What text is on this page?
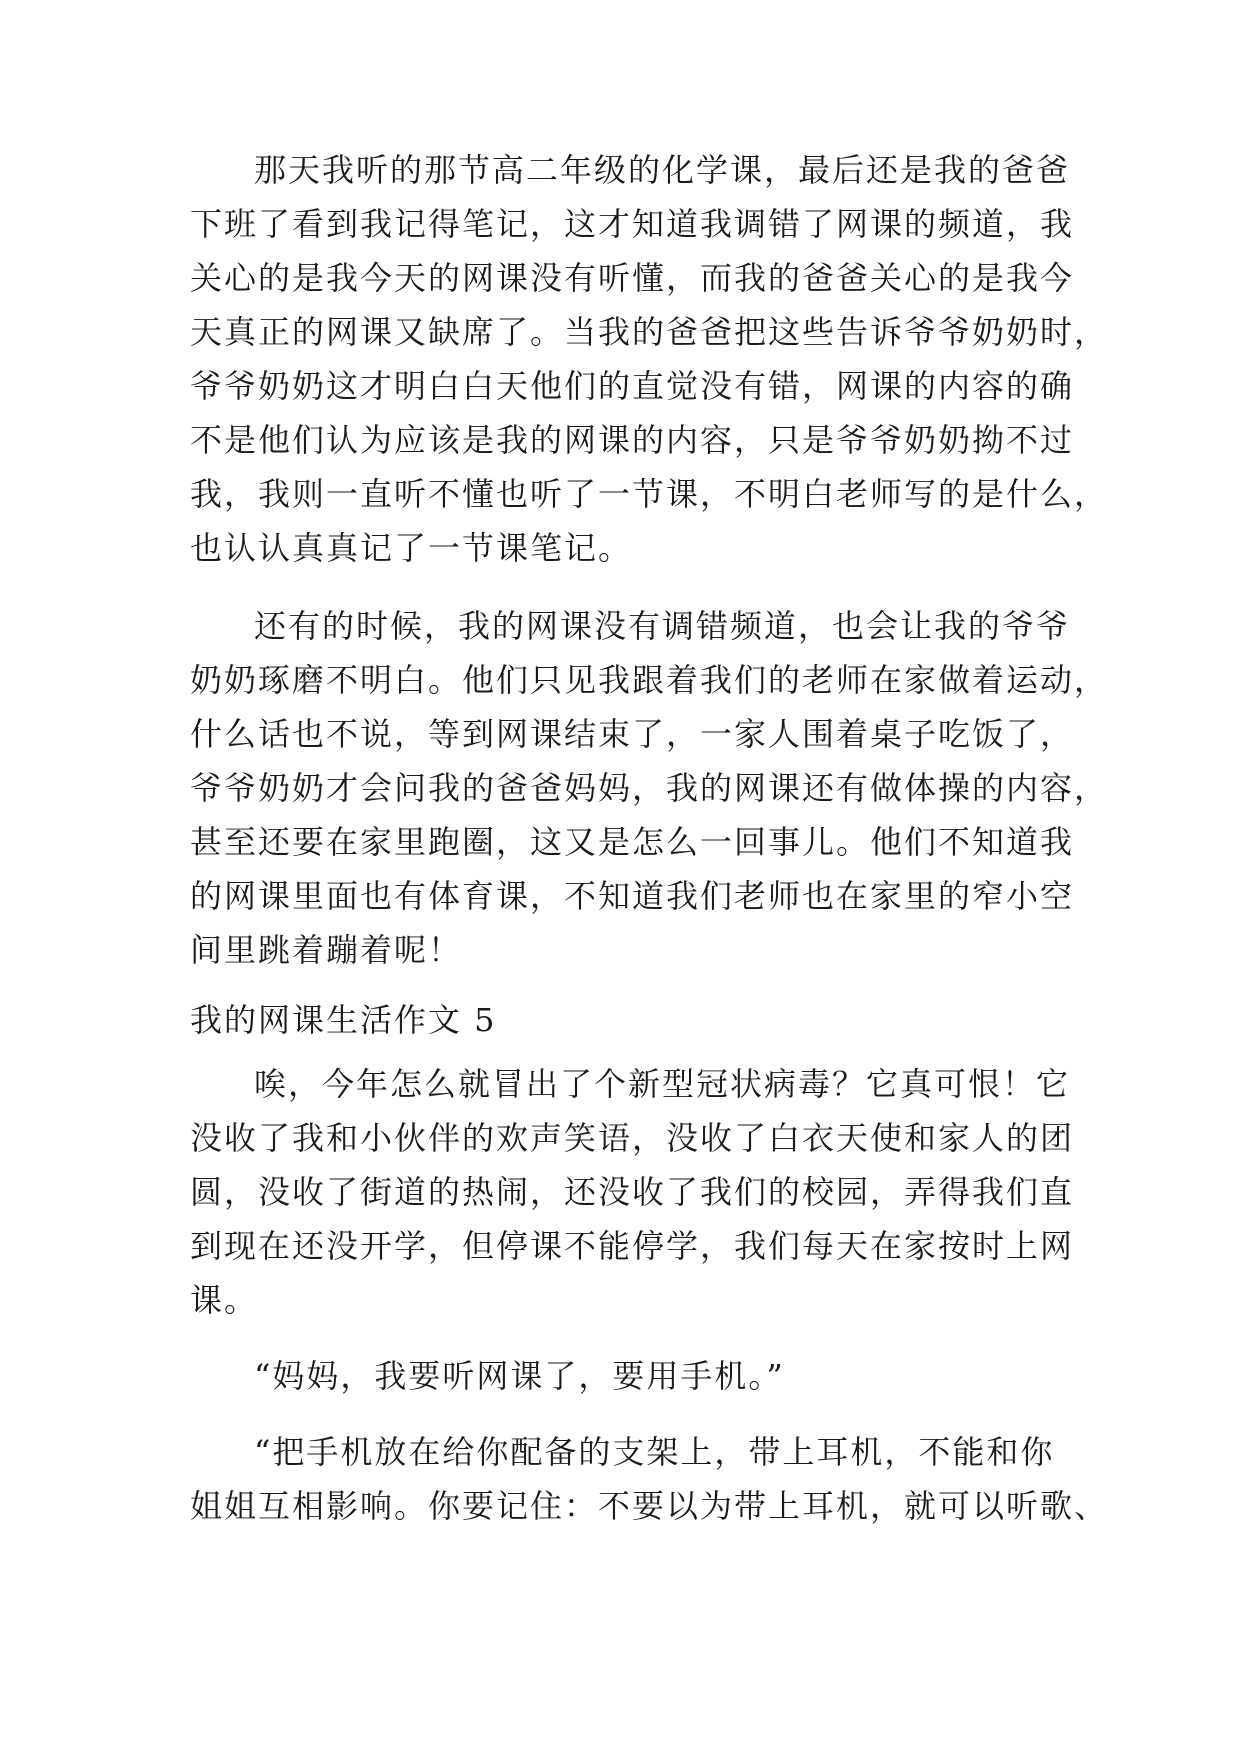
那天我听的那节高二年级的化学课，最后还是我的爸爸
下班了看到我记得笔记，这才知道我调错了网课的频道，我
关心的是我今天的网课没有听懂，而我的爸爸关心的是我今
天真正的网课又缺席了。当我的爸爸把这些告诉爷爷奶奶时，
爷爷奶奶这才明白白天他们的直觉没有错，网课的内容的确
不是他们认为应该是我的网课的内容，只是爷爷奶奶拗不过
我，我则一直听不懂也听了一节课，不明白老师写的是什么，
也认认真真记了一节课笔记。
还有的时候，我的网课没有调错频道，也会让我的爷爷
奶奶琢磨不明白。他们只见我跟着我们的老师在家做着运动，
什么话也不说，等到网课结束了，一家人围着桌子吃饭了，
爷爷奶奶才会问我的爸爸妈妈，我的网课还有做体操的内容，
甚至还要在家里跑圈，这又是怎么一回事儿。他们不知道我
的网课里面也有体育课，不知道我们老师也在家里的窄小空
间里跳着蹦着呢！
我的网课生活作文 5
唉，今年怎么就冒出了个新型冠状病毒？它真可恨！它
没收了我和小伙伴的欢声笑语，没收了白衣天使和家人的团
圆，没收了街道的热闹，还没收了我们的校园，弄得我们直
到现在还没开学，但停课不能停学，我们每天在家按时上网
课。
“妈妈，我要听网课了，要用手机。”
“把手机放在给你配备的支架上，带上耳机，不能和你
姐姐互相影响。你要记住：不要以为带上耳机，就可以听歌、
